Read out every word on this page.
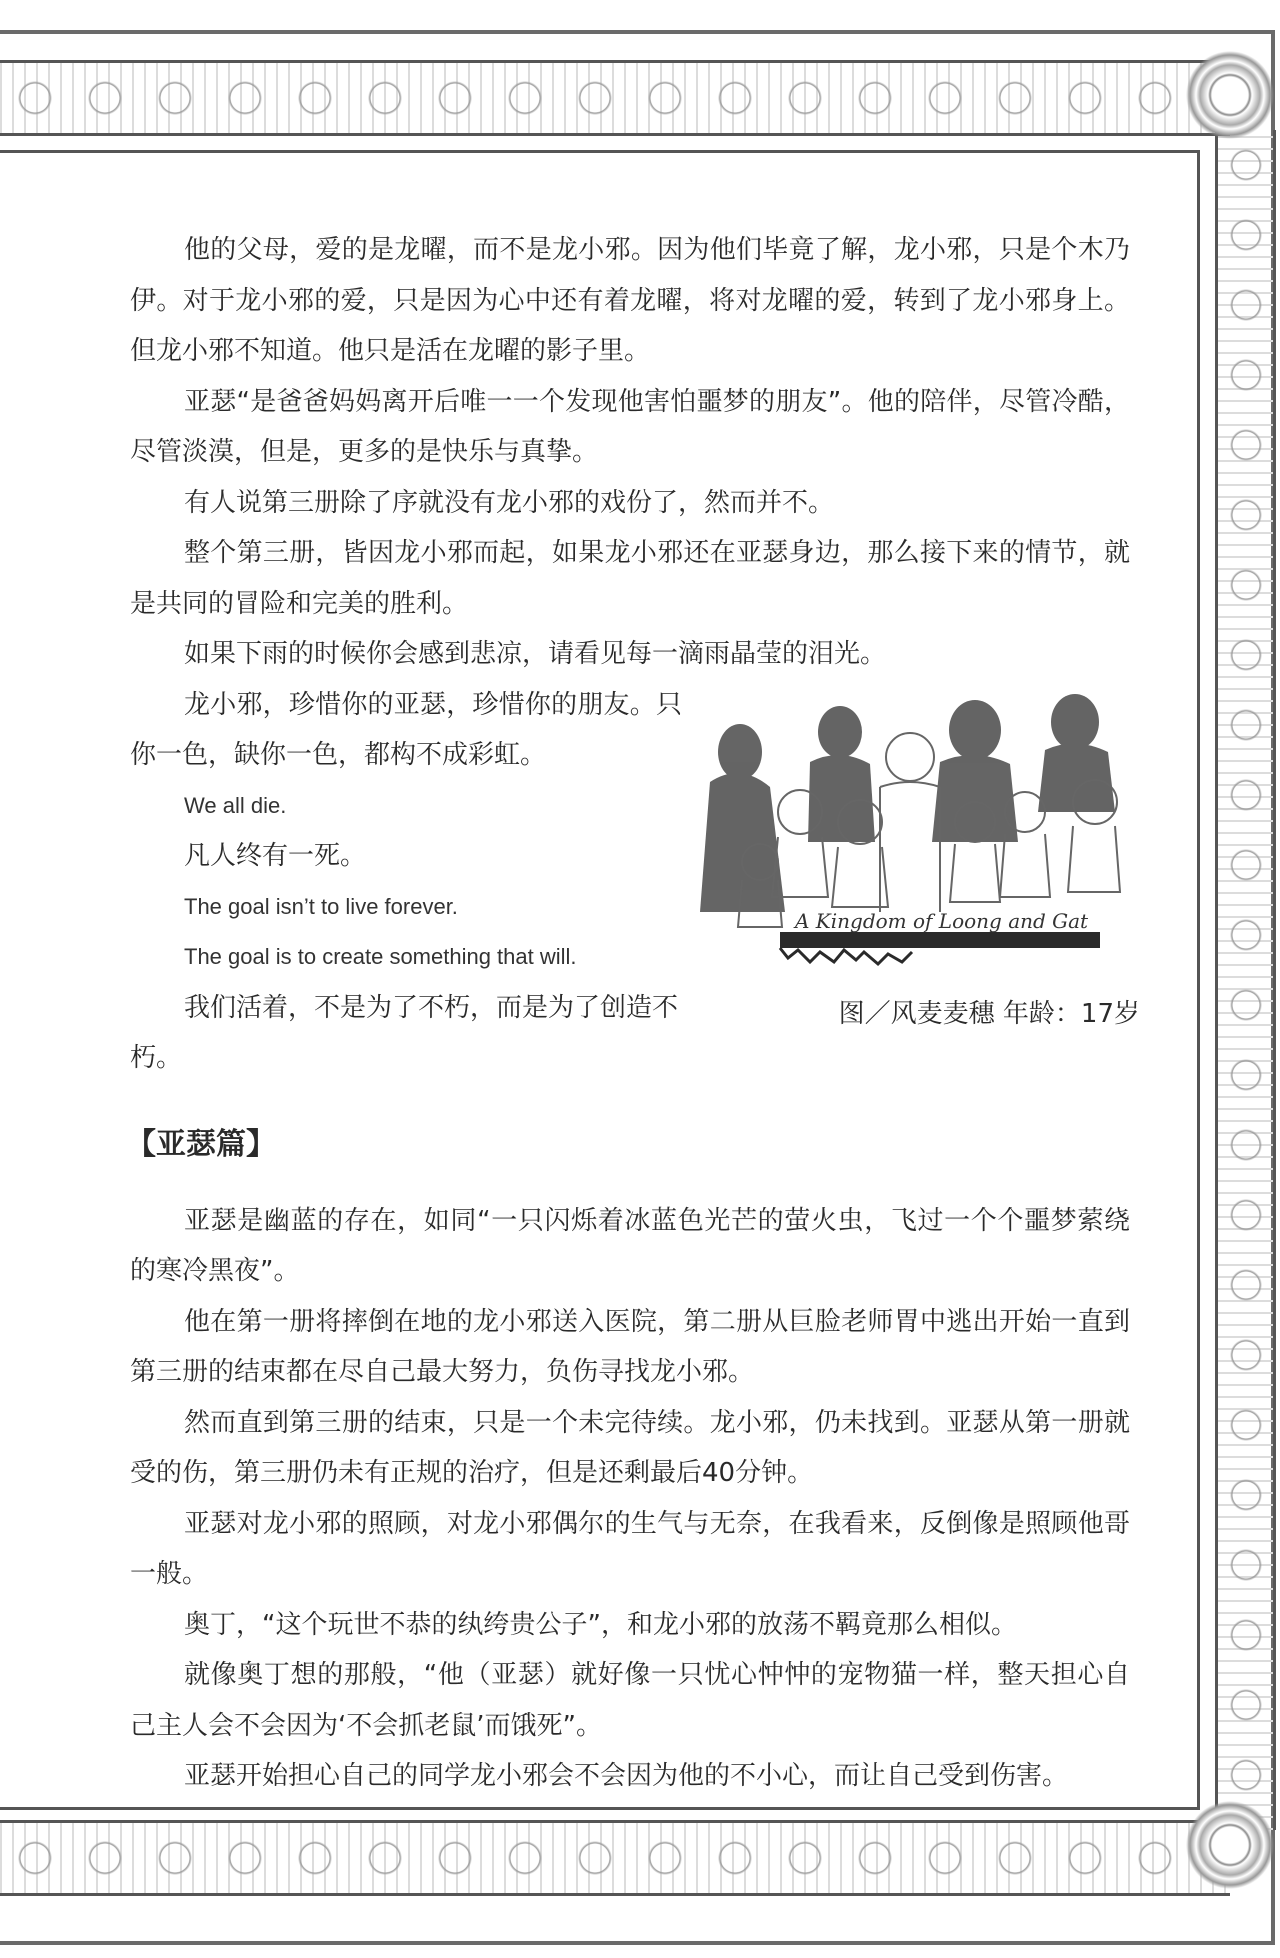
他的父母，爱的是龙曜，而不是龙小邪。因为他们毕竟了解，龙小邪，只是个木乃伊。对于龙小邪的爱，只是因为心中还有着龙曜，将对龙曜的爱，转到了龙小邪身上。但龙小邪不知道。他只是活在龙曜的影子里。

亚瑟“是爸爸妈妈离开后唯一一个发现他害怕噩梦的朋友”。他的陪伴，尽管冷酷，尽管淡漠，但是，更多的是快乐与真挚。

有人说第三册除了序就没有龙小邪的戏份了，然而并不。

整个第三册，皆因龙小邪而起，如果龙小邪还在亚瑟身边，那么接下来的情节，就是共同的冒险和完美的胜利。

如果下雨的时候你会感到悲凉，请看见每一滴雨晶莹的泪光。

A Kingdom of Loong and Gat
图／风麦麦穗 年龄：17岁

龙小邪，珍惜你的亚瑟，珍惜你的朋友。只你一色，缺你一色，都构不成彩虹。

We all die.

凡人终有一死。

The goal isn’t to live forever.

The goal is to create something that will.

我们活着，不是为了不朽，而是为了创造不朽。

【亚瑟篇】

亚瑟是幽蓝的存在，如同“一只闪烁着冰蓝色光芒的萤火虫，飞过一个个噩梦萦绕的寒冷黑夜”。

他在第一册将摔倒在地的龙小邪送入医院，第二册从巨脸老师胃中逃出开始一直到第三册的结束都在尽自己最大努力，负伤寻找龙小邪。

然而直到第三册的结束，只是一个未完待续。龙小邪，仍未找到。亚瑟从第一册就受的伤，第三册仍未有正规的治疗，但是还剩最后40分钟。

亚瑟对龙小邪的照顾，对龙小邪偶尔的生气与无奈，在我看来，反倒像是照顾他哥一般。

奥丁，“这个玩世不恭的纨绔贵公子”，和龙小邪的放荡不羁竟那么相似。

就像奥丁想的那般，“他（亚瑟）就好像一只忧心忡忡的宠物猫一样，整天担心自己主人会不会因为‘不会抓老鼠’而饿死”。

亚瑟开始担心自己的同学龙小邪会不会因为他的不小心，而让自己受到伤害。
